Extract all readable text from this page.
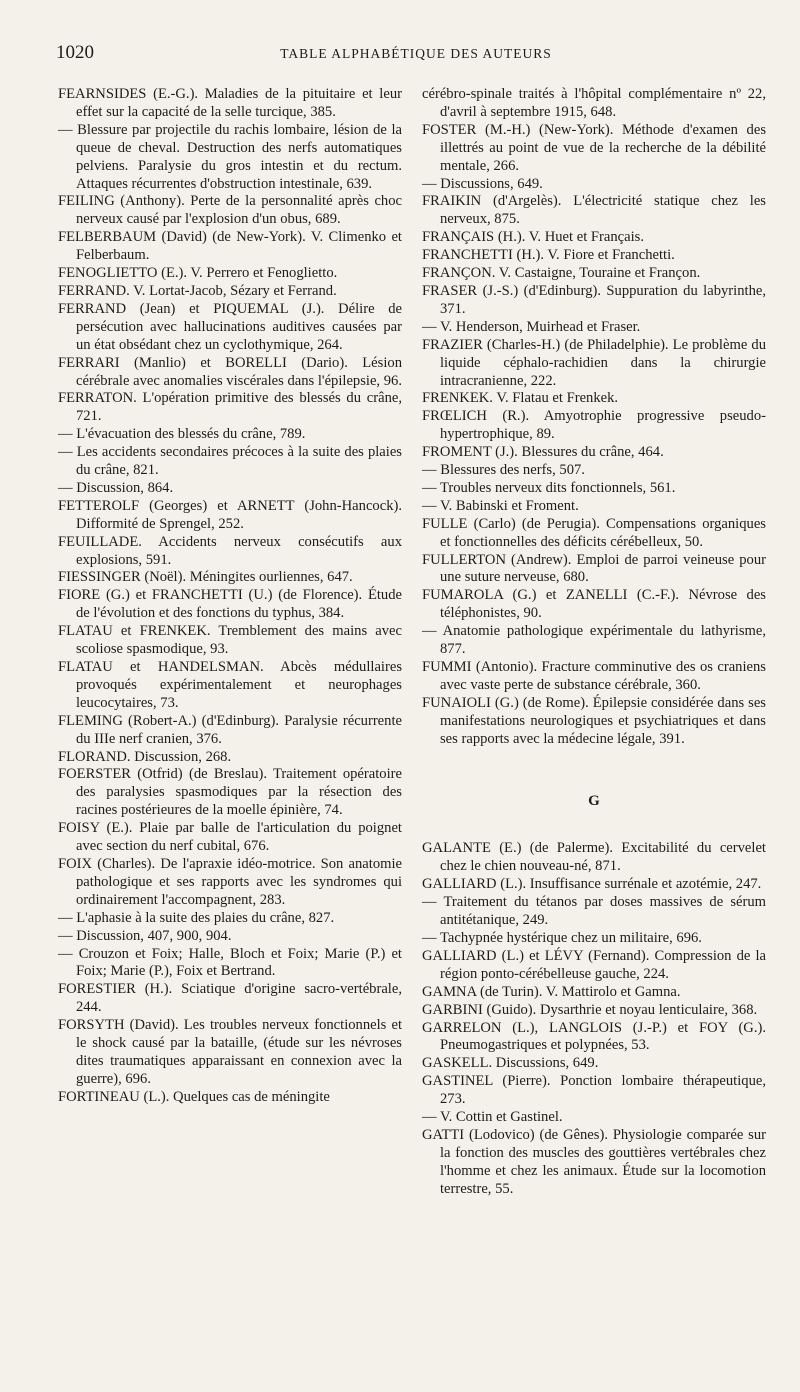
1020	TABLE ALPHABÉTIQUE DES AUTEURS
FEARNSIDES (E.-G.). Maladies de la pituitaire et leur effet sur la capacité de la selle turcique, 385.
— Blessure par projectile du rachis lombaire, lésion de la queue de cheval. Destruction des nerfs automatiques pelviens. Paralysie du gros intestin et du rectum. Attaques récurrentes d'obstruction intestinale, 639.
FEILING (Anthony). Perte de la personnalité après choc nerveux causé par l'explosion d'un obus, 689.
FELBERBAUM (David) (de New-York). V. Climenko et Felberbaum.
FENOGLIETTO (E.). V. Perrero et Fenoglietto.
FERRAND. V. Lortat-Jacob, Sézary et Ferrand.
FERRAND (Jean) et PIQUEMAL (J.). Délire de persécution avec hallucinations auditives causées par un état obsédant chez un cyclothymique, 264.
FERRARI (Manlio) et BORELLI (Dario). Lésion cérébrale avec anomalies viscérales dans l'épilepsie, 96.
FERRATON. L'opération primitive des blessés du crâne, 721.
— L'évacuation des blessés du crâne, 789.
— Les accidents secondaires précoces à la suite des plaies du crâne, 821.
— Discussion, 864.
FETTEROLF (Georges) et ARNETT (John-Hancock). Difformité de Sprengel, 252.
FEUILLADE. Accidents nerveux consécutifs aux explosions, 591.
FIESSINGER (Noël). Méningites ourliennes, 647.
FIORE (G.) et FRANCHETTI (U.) (de Florence). Étude de l'évolution et des fonctions du typhus, 384.
FLATAU et FRENKEK. Tremblement des mains avec scoliose spasmodique, 93.
FLATAU et HANDELSMAN. Abcès médullaires provoqués expérimentalement et neurophages leucocytaires, 73.
FLEMING (Robert-A.) (d'Edinburg). Paralysie récurrente du IIIe nerf cranien, 376.
FLORAND. Discussion, 268.
FOERSTER (Otfrid) (de Breslau). Traitement opératoire des paralysies spasmodiques par la résection des racines postérieures de la moelle épinière, 74.
FOISY (E.). Plaie par balle de l'articulation du poignet avec section du nerf cubital, 676.
FOIX (Charles). De l'apraxie idéo-motrice. Son anatomie pathologique et ses rapports avec les syndromes qui ordinairement l'accompagnent, 283.
— L'aphasie à la suite des plaies du crâne, 827.
— Discussion, 407, 900, 904.
— Crouzon et Foix; Halle, Bloch et Foix; Marie (P.) et Foix; Marie (P.), Foix et Bertrand.
FORESTIER (H.). Sciatique d'origine sacro-vertébrale, 244.
FORSYTH (David). Les troubles nerveux fonctionnels et le shock causé par la bataille, (étude sur les névroses dites traumatiques apparaissant en connexion avec la guerre), 696.
FORTINEAU (L.). Quelques cas de méningite
cérébro-spinale traités à l'hôpital complémentaire nº 22, d'avril à septembre 1915, 648.
FOSTER (M.-H.) (New-York). Méthode d'examen des illettrés au point de vue de la recherche de la débilité mentale, 266.
— Discussions, 649.
FRAIKIN (d'Argelès). L'électricité statique chez les nerveux, 875.
FRANÇAIS (H.). V. Huet et Français.
FRANCHETTI (H.). V. Fiore et Franchetti.
FRANÇON. V. Castaigne, Touraine et Françon.
FRASER (J.-S.) (d'Edinburg). Suppuration du labyrinthe, 371.
— V. Henderson, Muirhead et Fraser.
FRAZIER (Charles-H.) (de Philadelphie). Le problème du liquide céphalo-rachidien dans la chirurgie intracranienne, 222.
FRENKEK. V. Flatau et Frenkek.
FRŒLICH (R.). Amyotrophie progressive pseudo-hypertrophique, 89.
FROMENT (J.). Blessures du crâne, 464.
— Blessures des nerfs, 507.
— Troubles nerveux dits fonctionnels, 561.
— V. Babinski et Froment.
FULLE (Carlo) (de Perugia). Compensations organiques et fonctionnelles des déficits cérébelleux, 50.
FULLERTON (Andrew). Emploi de parroi veineuse pour une suture nerveuse, 680.
FUMAROLA (G.) et ZANELLI (C.-F.). Névrose des téléphonistes, 90.
— Anatomie pathologique expérimentale du lathyrisme, 877.
FUMMI (Antonio). Fracture comminutive des os craniens avec vaste perte de substance cérébrale, 360.
FUNAIOLI (G.) (de Rome). Épilepsie considérée dans ses manifestations neurologiques et psychiatriques et dans ses rapports avec la médecine légale, 391.
G
GALANTE (E.) (de Palerme). Excitabilité du cervelet chez le chien nouveau-né, 871.
GALLIARD (L.). Insuffisance surrénale et azotémie, 247.
— Traitement du tétanos par doses massives de sérum antitétanique, 249.
— Tachypnée hystérique chez un militaire, 696.
GALLIARD (L.) et LÉVY (Fernand). Compression de la région ponto-cérébelleuse gauche, 224.
GAMNA (de Turin). V. Mattirolo et Gamna.
GARBINI (Guido). Dysarthrie et noyau lenticulaire, 368.
GARRELON (L.), LANGLOIS (J.-P.) et FOY (G.). Pneumogastriques et polypnées, 53.
GASKELL. Discussions, 649.
GASTINEL (Pierre). Ponction lombaire thérapeutique, 273.
— V. Cottin et Gastinel.
GATTI (Lodovico) (de Gênes). Physiologie comparée sur la fonction des muscles des gouttières vertébrales chez l'homme et chez les animaux. Étude sur la locomotion terrestre, 55.
